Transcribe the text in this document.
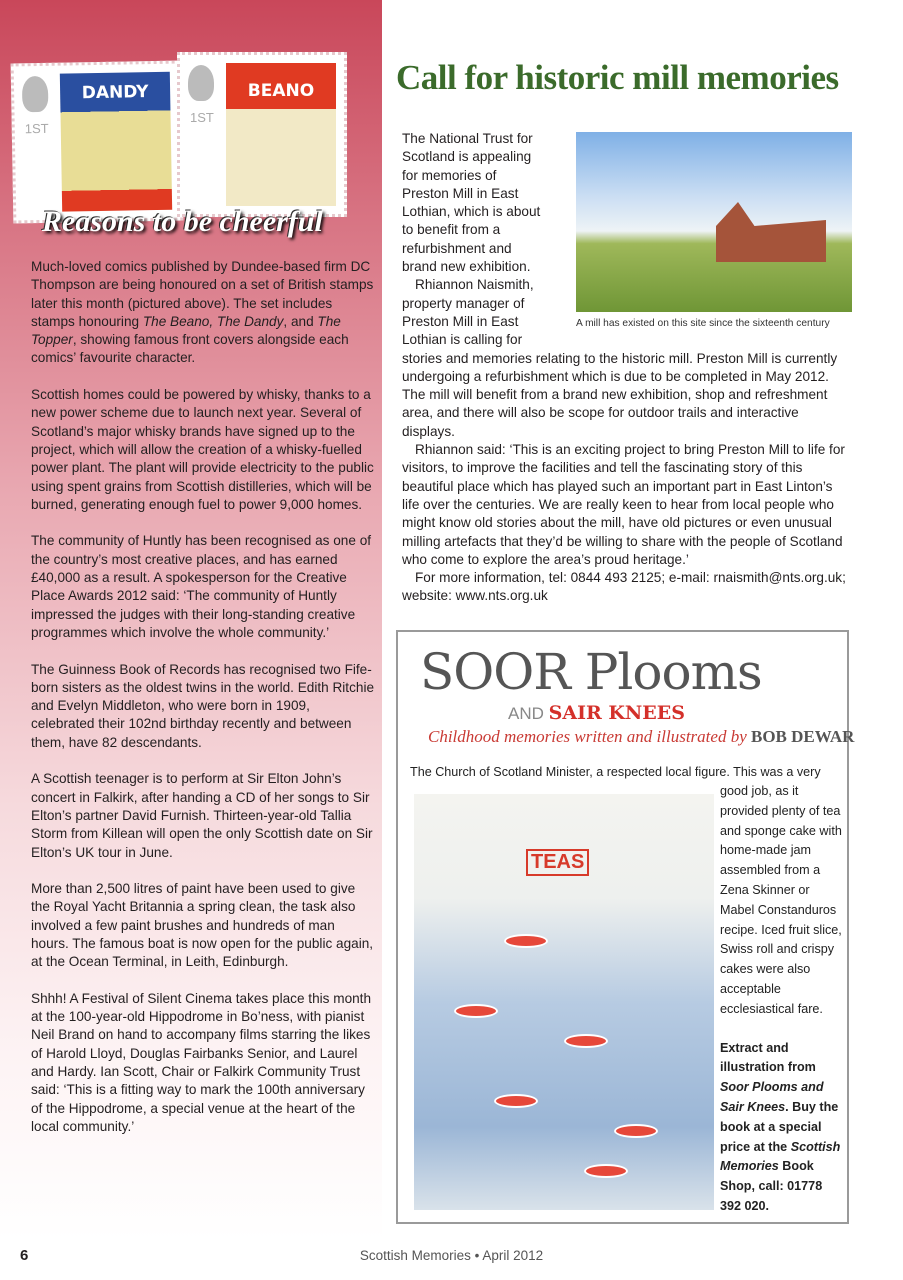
1ST
DANDY
1ST
BEANO
Reasons to be cheerful

Much-loved comics published by Dundee-based firm DC Thompson are being honoured on a set of British stamps later this month (pictured above). The set includes stamps honouring The Beano, The Dandy, and The Topper, showing famous front covers alongside each comics’ favourite character.

Scottish homes could be powered by whisky, thanks to a new power scheme due to launch next year. Several of Scotland’s major whisky brands have signed up to the project, which will allow the creation of a whisky-fuelled power plant. The plant will provide electricity to the public using spent grains from Scottish distilleries, which will be burned, generating enough fuel to power 9,000 homes.

The community of Huntly has been recognised as one of the country’s most creative places, and has earned £40,000 as a result. A spokesperson for the Creative Place Awards 2012 said: ‘The community of Huntly impressed the judges with their long-standing creative programmes which involve the whole community.’

The Guinness Book of Records has recognised two Fife-born sisters as the oldest twins in the world. Edith Ritchie and Evelyn Middleton, who were born in 1909, celebrated their 102nd birthday recently and between them, have 82 descendants.

A Scottish teenager is to perform at Sir Elton John’s concert in Falkirk, after handing a CD of her songs to Sir Elton’s partner David Furnish. Thirteen-year-old Tallia Storm from Killean will open the only Scottish date on Sir Elton’s UK tour in June.

More than 2,500 litres of paint have been used to give the Royal Yacht Britannia a spring clean, the task also involved a few paint brushes and hundreds of man hours. The famous boat is now open for the public again, at the Ocean Terminal, in Leith, Edinburgh.

Shhh! A Festival of Silent Cinema takes place this month at the 100-year-old Hippodrome in Bo’ness, with pianist Neil Brand on hand to accompany films starring the likes of Harold Lloyd, Douglas Fairbanks Senior, and Laurel and Hardy. Ian Scott, Chair or Falkirk Community Trust said: ‘This is a fitting way to mark the 100th anniversary of the Hippodrome, a special venue at the heart of the local community.’

Call for historic mill memories
A mill has existed on this site since the sixteenth century

The National Trust for Scotland is appealing for memories of Preston Mill in East Lothian, which is about to benefit from a refurbishment and brand new exhibition.

Rhiannon Naismith, property manager of Preston Mill in East Lothian is calling for stories and memories relating to the historic mill. Preston Mill is currently undergoing a refurbishment which is due to be completed in May 2012. The mill will benefit from a brand new exhibition, shop and refreshment area, and there will also be scope for outdoor trails and interactive displays.

Rhiannon said: ‘This is an exciting project to bring Preston Mill to life for visitors, to improve the facilities and tell the fascinating story of this beautiful place which has played such an important part in East Linton’s life over the centuries. We are really keen to hear from local people who might know old stories about the mill, have old pictures or even unusual milling artefacts that they’d be willing to share with the people of Scotland who come to explore the area’s proud heritage.’

For more information, tel: 0844 493 2125; e-mail: rnaismith@nts.org.uk; website: www.nts.org.uk

SOOR Plooms
AND SAIR KNEES
Childhood memories written and illustrated by BOB DEWAR
The Church of Scotland Minister, a respected local figure. This was a very
TEAS
good job, as it provided plenty of tea and sponge cake with home-made jam assembled from a Zena Skinner or Mabel Constanduros recipe. Iced fruit slice, Swiss roll and crispy cakes were also acceptable ecclesiastical fare.
Extract and illustration from Soor Plooms and Sair Knees. Buy the book at a special price at the Scottish Memories Book Shop, call: 01778 392 020.
6	Scottish Memories • April 2012
